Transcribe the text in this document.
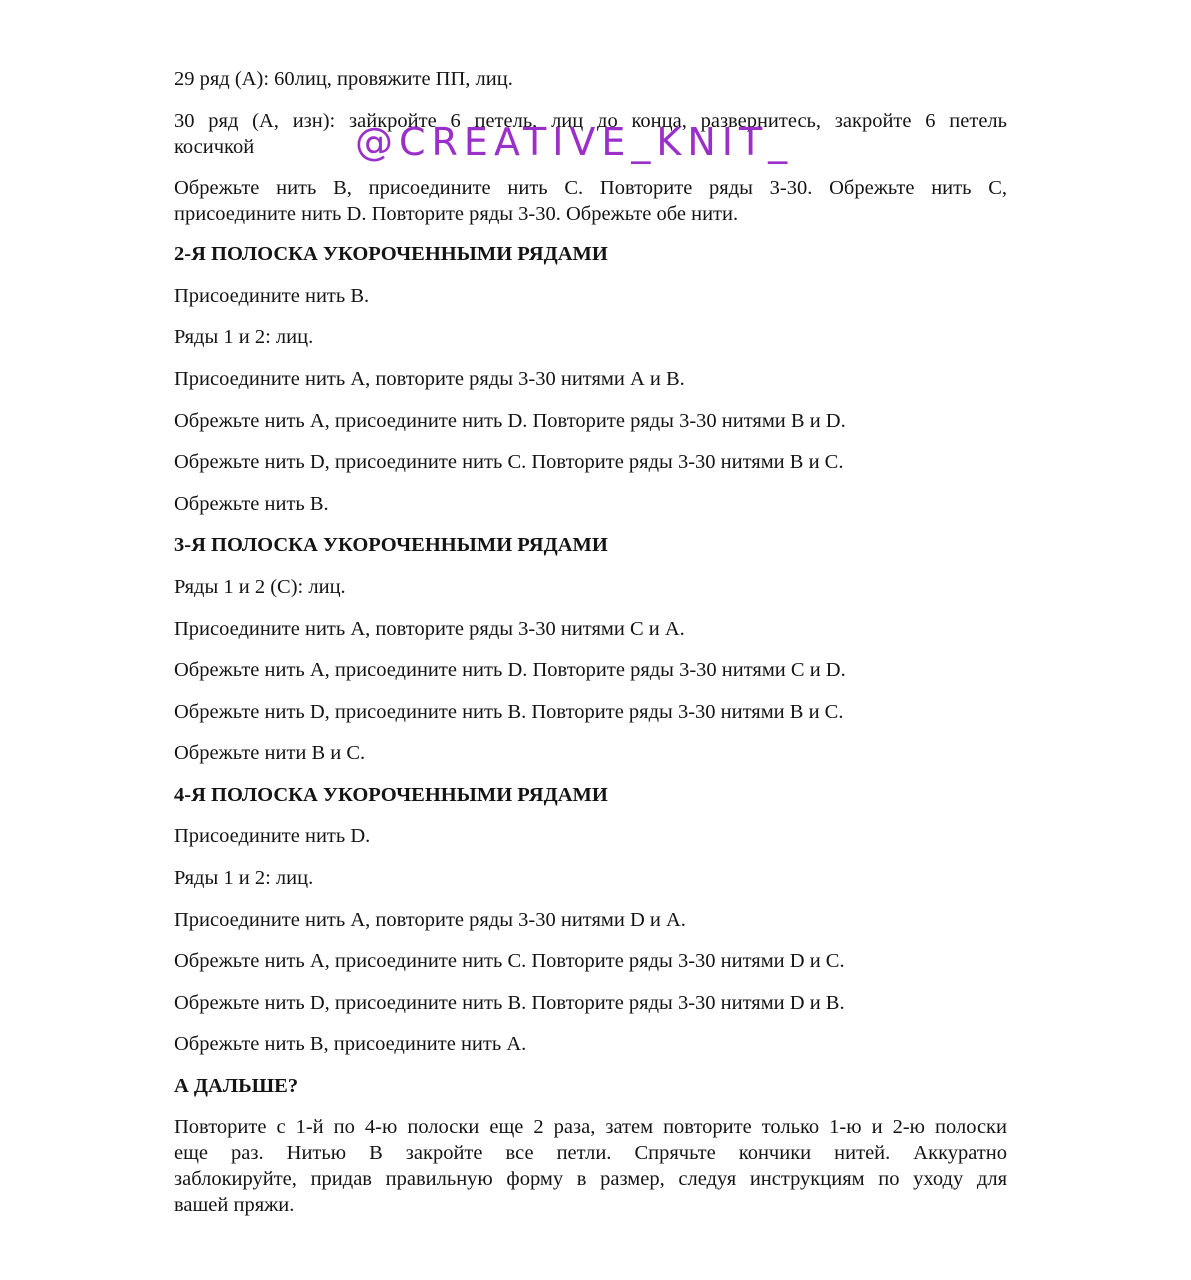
29 ряд (А): 60лиц, провяжите ПП, лиц.
30 ряд (А, изн): зайкройте 6 петель, лиц до конца, развернитесь, закройте 6 петель
косичкой
Обрежьте нить В, присоедините нить С. Повторите ряды 3-30. Обрежьте нить С,
присоедините нить D. Повторите ряды 3-30. Обрежьте обе нити.
2-Я ПОЛОСКА УКОРОЧЕННЫМИ РЯДАМИ
Присоедините нить В.
Ряды 1 и 2: лиц.
Присоедините нить А, повторите ряды 3-30 нитями А и В.
Обрежьте нить А, присоедините нить D. Повторите ряды 3-30 нитями В и D.
Обрежьте нить D, присоедините нить С. Повторите ряды 3-30 нитями В и С.
Обрежьте нить В.
3-Я ПОЛОСКА УКОРОЧЕННЫМИ РЯДАМИ
Ряды 1 и 2 (С): лиц.
Присоедините нить А, повторите ряды 3-30 нитями С и А.
Обрежьте нить А, присоедините нить D. Повторите ряды 3-30 нитями С и D.
Обрежьте нить D, присоедините нить В. Повторите ряды 3-30 нитями В и С.
Обрежьте нити В и С.
4-Я ПОЛОСКА УКОРОЧЕННЫМИ РЯДАМИ
Присоедините нить D.
Ряды 1 и 2: лиц.
Присоедините нить А, повторите ряды 3-30 нитями D и А.
Обрежьте нить А, присоедините нить С. Повторите ряды 3-30 нитями D и С.
Обрежьте нить D, присоедините нить В. Повторите ряды 3-30 нитями D и В.
Обрежьте нить В, присоедините нить А.
А ДАЛЬШЕ?
Повторите с 1-й по 4-ю полоски еще 2 раза, затем повторите только 1-ю и 2-ю полоски
еще раз. Нитью В закройте все петли. Спрячьте кончики нитей. Аккуратно
заблокируйте, придав правильную форму в размер, следуя инструкциям по уходу для
вашей пряжи.
@CREATIVE_KNIT_
